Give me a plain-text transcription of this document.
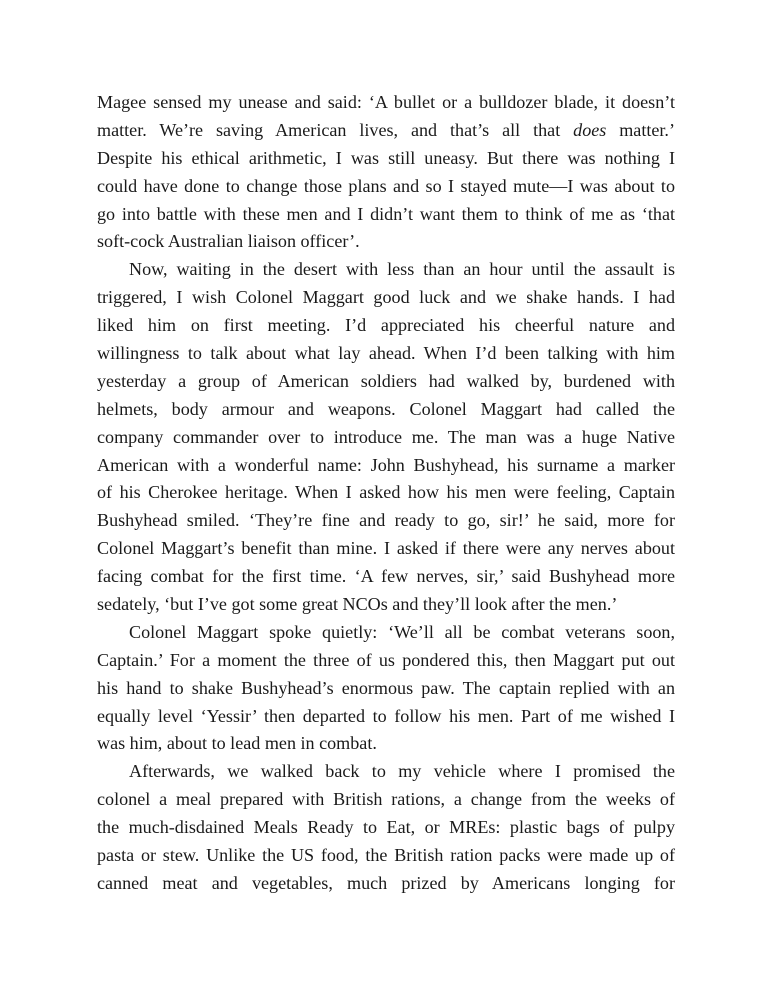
Magee sensed my unease and said: ‘A bullet or a bulldozer blade, it doesn’t
matter. We’re saving American lives, and that’s all that does matter.’
Despite his ethical arithmetic, I was still uneasy. But there was nothing I
could have done to change those plans and so I stayed mute—I was about to
go into battle with these men and I didn’t want them to think of me as ‘that
soft-cock Australian liaison officer’.
Now, waiting in the desert with less than an hour until the assault is
triggered, I wish Colonel Maggart good luck and we shake hands. I had
liked him on first meeting. I’d appreciated his cheerful nature and
willingness to talk about what lay ahead. When I’d been talking with him
yesterday a group of American soldiers had walked by, burdened with
helmets, body armour and weapons. Colonel Maggart had called the
company commander over to introduce me. The man was a huge Native
American with a wonderful name: John Bushyhead, his surname a marker
of his Cherokee heritage. When I asked how his men were feeling, Captain
Bushyhead smiled. ‘They’re fine and ready to go, sir!’ he said, more for
Colonel Maggart’s benefit than mine. I asked if there were any nerves about
facing combat for the first time. ‘A few nerves, sir,’ said Bushyhead more
sedately, ‘but I’ve got some great NCOs and they’ll look after the men.’
Colonel Maggart spoke quietly: ‘We’ll all be combat veterans soon,
Captain.’ For a moment the three of us pondered this, then Maggart put out
his hand to shake Bushyhead’s enormous paw. The captain replied with an
equally level ‘Yessir’ then departed to follow his men. Part of me wished I
was him, about to lead men in combat.
Afterwards, we walked back to my vehicle where I promised the
colonel a meal prepared with British rations, a change from the weeks of
the much-disdained Meals Ready to Eat, or MREs: plastic bags of pulpy
pasta or stew. Unlike the US food, the British ration packs were made up of
canned meat and vegetables, much prized by Americans longing for
